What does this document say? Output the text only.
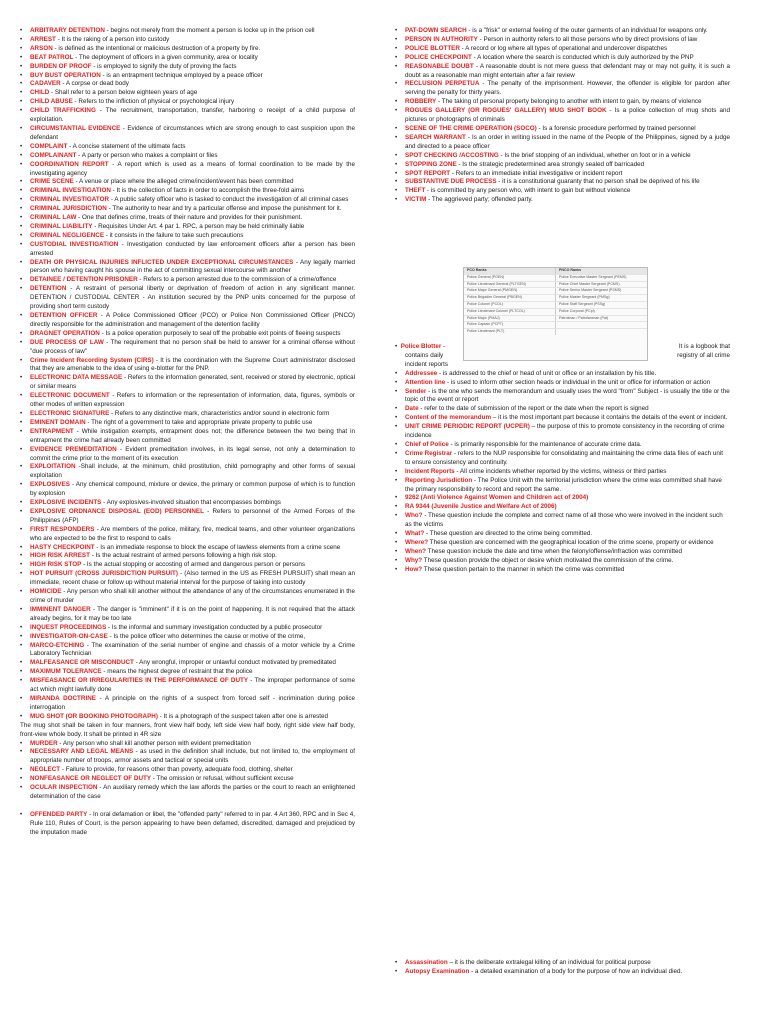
• ARBITRARY DETENTION - begins not merely from the moment a person is locke up in the prison cell
• ARREST - It is the raking of a person into custody
• ARSON - is defined as the intentional or malicious destruction of a property by fire.
• BEAT PATROL - The deployment of officers in a given community, area or locality
• BURDEN OF PROOF - is employed to signify the duty of proving the facts
• BUY BUST OPERATION - is an entrapment technique employed by a peace officer
• CADAVER - A corpse or dead body
• CHILD - Shall refer to a person below eighteen years of age
• CHILD ABUSE - Refers to the infliction of physical or psychological injury
• CHILD TRAFFICKING - The recruitment, transportation, transfer, harboring o receipt of a child purpose of exploitation.
• CIRCUMSTANTIAL EVIDENCE - Evidence of circumstances which are strong enough to cast suspicion upon the defendant
• COMPLAINT - A concise statement of the ultimate facts
• COMPLAINANT - A party or person who makes a complaint or files
• COORDINATION REPORT - A report which is used as a means of formal coordination to be made by the investigating agency
• CRIME SCENE - A venue or place where the alleged crime/incident/event has been committed
• CRIMINAL INVESTIGATION - It is the collection of facts in order to accomplish the three-fold aims
• CRIMINAL INVESTIGATOR - A public safety officer who is tasked to conduct the investigation of all criminal cases
• CRIMINAL JURISDICTION - The authority to hear and try a particular offense and impose the punishment for it.
• CRIMINAL LAW - One that defines crime, treats of their nature and provides for their punishment.
• CRIMINAL LIABILITY - Requisites Under Art. 4 par 1. RPC, a person may be held criminally liable
• CRIMINAL NEGLIGENCE - it consists in the failure to take such precautions
• CUSTODIAL INVESTIGATION - Investigation conducted by law enforcement officers after a person has been arrested
• DEATH OR PHYSICAL INJURIES INFLICTED UNDER EXCEPTIONAL CIRCUMSTANCES - Any legally married person who having caught his spouse in the act of committing sexual intercourse with another
• DETAINEE / DETENTION PRISONER - Refers to a person arrested due to the commission of a crime/offence
• DETENTION - A restraint of personal liberty or deprivation of freedom of action in any significant manner. DETENTION / CUSTODIAL CENTER - An institution secured by the PNP units concerned for the purpose of providing short term custody
• DETENTION OFFICER - A Police Commissioned Officer (PCO) or Police Non Commissioned Officer (PNCO) directly responsible for the administration and management of the detention facility
• DRAGNET OPERATION - Is a police operation purposely to seal off the probable exit points of fleeing suspects
• DUE PROCESS OF LAW - The requirement that no person shall be held to answer for a criminal offense without "due process of law"
• Crime Incident Recording System (CIRS) - It is the coordination with the Supreme Court administrator disclosed that they are amenable to the idea of using e-blotter for the PNP.
• ELECTRONIC DATA MESSAGE - Refers to the information generated, sent, received or stored by electronic, optical or similar means
• ELECTRONIC DOCUMENT - Refers to information or the representation of information, data, figures, symbols or other modes of written expression
• ELECTRONIC SIGNATURE - Refers to any distinctive mark, characteristics and/or sound in electronic form
• EMINENT DOMAIN - The right of a government to take and appropriate private property to public use
• ENTRAPMENT - While instigation exempts, entrapment does not; the difference between the two being that in entrapment the crime had already been committed
• EVIDENCE PREMEDITATION - Evident premeditation involves, in its legal sense, not only a determination to commit the crime prior to the moment of its execution
• EXPLOITATION -Shall include, at the minimum, child prostitution, child pornography and other forms of sexual exploitation
• EXPLOSIVES - Any chemical compound, mixture or device, the primary or common purpose of which is to function by explosion
• EXPLOSIVE INCIDENTS - Any explosives-involved situation that encompasses bombings
• EXPLOSIVE ORDNANCE DISPOSAL (EOD) PERSONNEL - Refers to personnel of the Armed Forces of the Philippines (AFP)
• FIRST RESPONDERS - Are members of the police, military, fire, medical teams, and other volunteer organizations who are expected to be the first to respond to calls
• HASTY CHECKPOINT - Is an immediate response to block the escape of lawless elements from a crime scene
• HIGH RISK ARREST - Is the actual restraint of armed persons following a high risk stop.
• HIGH RISK STOP - Is the actual stopping or accosting of armed and dangerous person or persons
• HOT PURSUIT (CROSS JURISDICTION PURSUIT) - (Also termed in the US as FRESH PURSUIT) shall mean an immediate, recent chase or follow up without material interval for the purpose of taking into custody
• HOMICIDE - Any person who shall kill another without the attendance of any of the circumstances enumerated in the crime of murder
• IMMINENT DANGER - The danger is "imminent" if it is on the point of happening. It is not required that the attack already begins, for it may be too late
• INQUEST PROCEEDINGS - Is the informal and summary investigation conducted by a public prosecutor
• INVESTIGATOR-ON-CASE - Is the police officer who determines the cause or motive of the crime,
• MARCO-ETCHING - The examination of the serial number of engine and chassis of a motor vehicle by a Crime Laboratory Technician
• MALFEASANCE OR MISCONDUCT - Any wrongful, improper or unlawful conduct motivated by premeditated
• MAXIMUM TOLERANCE - means the highest degree of restraint that the police
• MISFEASANCE OR IRREGULARITIES IN THE PERFORMANCE OF DUTY - The improper performance of some act which might lawfully done
• MIRANDA DOCTRINE - A principle on the rights of a suspect from forced self - incrimination during police interrogation
• MUG SHOT (OR BOOKING PHOTOGRAPH) - It is a photograph of the suspect taken after one is arrested
The mug shot shall be taken in four manners, front view half body, left side view half body, right side view half body, front-view whole body. It shall be printed in 4R size
• MURDER - Any person who shall kill another person with evident premeditation
• NECESSARY AND LEGAL MEANS - as used in the definition shall include, but not limited to, the employment of appropriate number of troops, armor assets and tactical or special units
• NEGLECT - Failure to provide, for reasons other than poverty, adequate food, clothing, shelter
• NONFEASANCE OR NEGLECT OF DUTY - The omission or refusal, without sufficient excuse
• OCULAR INSPECTION - An auxiliary remedy which the law affords the parties or the court to reach an enlightened determination of the case
• OFFENDED PARTY - In oral defamation or libel, the "offended party" referred to in par. 4 Art 360, RPC and in Sec 4, Rule 110, Rules of Court, is the person appearing to have been defamed, discredited, damaged and prejudiced by the imputation made
• PAT-DOWN SEARCH - is a "frisk" or external feeling of the outer garments of an individual for weapons only.
• PERSON IN AUTHORITY - Person in authority refers to all those persons who by direct provisions of law
• POLICE BLOTTER - A record or log where all types of operational and undercover dispatches
• POLICE CHECKPOINT - A location where the search is conducted which is duly authorized by the PNP
• REASONABLE DOUBT - A reasonable doubt is not mere guess that defendant may or may not guilty, it is such a doubt as a reasonable man might entertain after a fair review
• RECLUSION PERPETUA - The penalty of the imprisonment. However, the offender is eligible for pardon after serving the penalty for thirty years.
• ROBBERY - The taking of personal property belonging to another with intent to gain, by means of violence
• ROGUES GALLERY (OR ROGUES' GALLERY) MUG SHOT BOOK - Is a police collection of mug shots and pictures or photographs of criminals
• SCENE OF THE CRIME OPERATION (SOCO) - Is a forensic procedure performed by trained personnel
• SEARCH WARRANT - Is an order in writing issued in the name of the People of the Philippines, signed by a judge and directed to a peace officer
• SPOT CHECKING /ACCOSTING - Is the brief stopping of an individual, whether on foot or in a vehicle
• STOPPING ZONE - Is the strategic predetermined area strongly sealed off barricaded
• SPOT REPORT - Refers to an immediate initial investigative or incident report
• SUBSTANTIVE DUE PROCESS - it is a constitutional guaranty that no person shall be deprived of his life
• THEFT - is committed by any person who, with intent to gain but without violence
• VICTIM - The aggrieved party; offended party.
PCO Ranks	PNCO Ranks
Police General (PGEN)	Police Executive Master Sergeant (PEMS)
Police Lieutenant General (PLTGEN)	Police Chief Master Sergeant (PCMS)
Police Major General (PMGEN)	Police Senior Master Sergeant (PSMS)
Police Brigadier General (PBGEN)	Police Master Sergeant (PMSg)
Police Colonel (PCOL)	Police Staff Sergeant (PSSg)
Police Lieutenant Colonel (PLTCOL)	Police Corporal (PCpl)
Police Major (PMAJ)	Patrolman / Patrolwoman (Pat)
Police Captain (PCPT)
Police Lieutenant (PLT)
•  Police Blotter -	It is a logbook that
contains daily	registry of all crime
incident reports
• Addressee - is addressed to the chief or head of unit or office or an installation by his title.
• Attention line - is used to inform other section heads or individual in the unit or office for information or action
• Sender - is the one who sends the memorandum and usually uses the word "from" Subject - is usually the title or the topic of the event or report
• Date - refer to the date of submission of the report or the date when the report is signed
• Content of the memorandum – it is the most important part because it contains the details of the event or incident.
• UNIT CRIME PERIODIC REPORT (UCPER) – the purpose of this to promote consistency in the recording of crime incidence
• Chief of Police - is primarily responsible for the maintenance of accurate crime data.
• Crime Registrar - refers to the NUP responsible for consolidating and maintaining the crime data files of each unit to ensure consistency and continuity.
• Incident Reports - All crime incidents whether reported by the victims, witness or third parties
• Reporting Jurisdiction - The Police Unit with the territorial jurisdiction where the crime was committed shall have the primary responsibility to record and report the same.
• 9262 (Anti Violence Against Women and Children act of 2004)
• RA 9344 (Juvenile Justice and Welfare Act of 2006)
• Who? - These question include the complete and correct name of all those who were involved in the incident such as the victims
• What? - These question are directed to the crime being committed.
• Where? These question are concerned with the geographical location of the crime scene, property or evidence
• When? These question include the date and time when the felony/offense/infraction was committed
• Why? These question provide the object or desire which motivated the commission of the crime.
• How? These question pertain to the manner in which the crime was committed
• Assassination – it is the deliberate extralegal killing of an individual for political purpose
• Autopsy Examination - a detailed examination of a body for the purpose of how an individual died.
